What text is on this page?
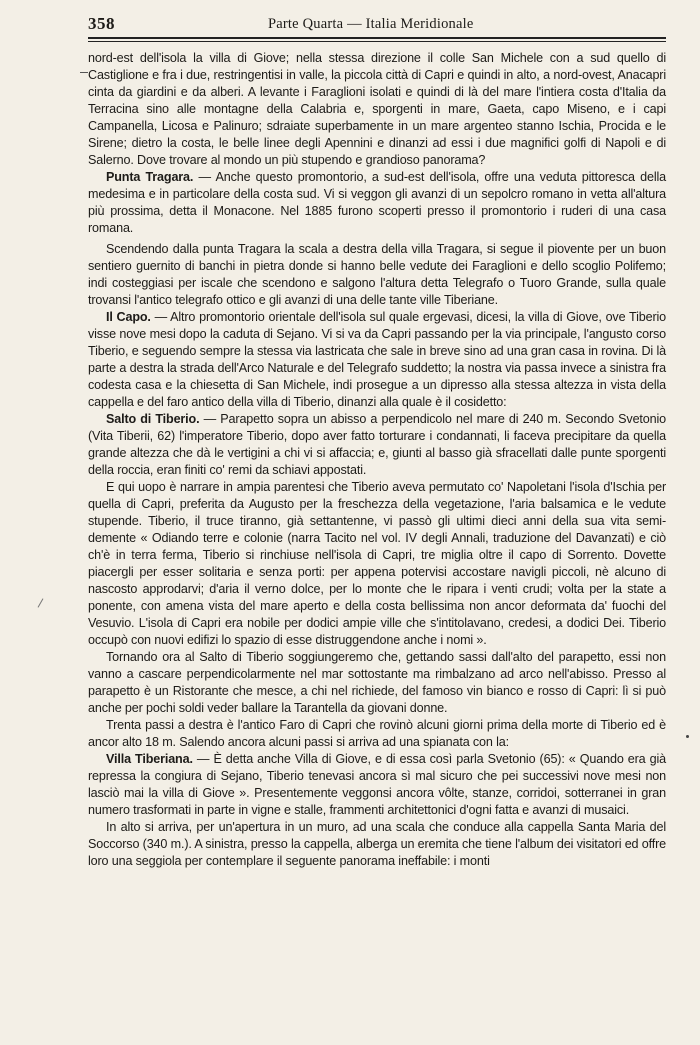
358	Parte Quarta — Italia Meridionale

nord-est dell'isola la villa di Giove; nella stessa direzione il colle San Michele con a sud quello di Castiglione e fra i due, restringentisi in valle, la piccola città di Capri e quindi in alto, a nord-ovest, Anacapri cinta da giardini e da alberi. A levante i Faraglioni isolati e quindi di là del mare l'intiera costa d'Italia da Terracina sino alle montagne della Calabria e, sporgenti in mare, Gaeta, capo Miseno, e i capi Campanella, Licosa e Palinuro; sdraiate superbamente in un mare argenteo stanno Ischia, Procida e le Sirene; dietro la costa, le belle linee degli Apennini e dinanzi ad essi i due magnifici golfi di Napoli e di Salerno. Dove trovare al mondo un più stupendo e grandioso panorama?

Punta Tragara. — Anche questo promontorio, a sud-est dell'isola, offre una veduta pittoresca della medesima e in particolare della costa sud. Vi si veggon gli avanzi di un sepolcro romano in vetta all'altura più prossima, detta il Monacone. Nel 1885 furono scoperti presso il promontorio i ruderi di una casa romana.

Scendendo dalla punta Tragara la scala a destra della villa Tragara, si segue il piovente per un buon sentiero guernito di banchi in pietra donde si hanno belle vedute dei Faraglioni e dello scoglio Polifemo; indi costeggiasi per iscale che scendono e salgono l'altura detta Telegrafo o Tuoro Grande, sulla quale trovansi l'antico telegrafo ottico e gli avanzi di una delle tante ville Tiberiane.

Il Capo. — Altro promontorio orientale dell'isola sul quale ergevasi, dicesi, la villa di Giove, ove Tiberio visse nove mesi dopo la caduta di Sejano. Vi si va da Capri passando per la via principale, l'angusto corso Tiberio, e seguendo sempre la stessa via lastricata che sale in breve sino ad una gran casa in rovina. Di là parte a destra la strada dell'Arco Naturale e del Telegrafo suddetto; la nostra via passa invece a sinistra fra codesta casa e la chiesetta di San Michele, indi prosegue a un dipresso alla stessa altezza in vista della cappella e del faro antico della villa di Tiberio, dinanzi alla quale è il cosidetto:

Salto di Tiberio. — Parapetto sopra un abisso a perpendicolo nel mare di 240 m. Secondo Svetonio (Vita Tiberii, 62) l'imperatore Tiberio, dopo aver fatto torturare i condannati, li faceva precipitare da quella grande altezza che dà le vertigini a chi vi si affaccia; e, giunti al basso già sfracellati dalle punte sporgenti della roccia, eran finiti co' remi da schiavi appostati.

E qui uopo è narrare in ampia parentesi che Tiberio aveva permutato co' Napoletani l'isola d'Ischia per quella di Capri, preferita da Augusto per la freschezza della vegetazione, l'aria balsamica e le vedute stupende. Tiberio, il truce tiranno, già settantenne, vi passò gli ultimi dieci anni della sua vita semi-demente « Odiando terre e colonie (narra Tacito nel vol. IV degli Annali, traduzione del Davanzati) e ciò ch'è in terra ferma, Tiberio si rinchiuse nell'isola di Capri, tre miglia oltre il capo di Sorrento. Dovette piacergli per esser solitaria e senza porti: per appena potervisi accostare navigli piccoli, nè alcuno di nascosto approdarvi; d'aria il verno dolce, per lo monte che le ripara i venti crudi; volta per la state a ponente, con amena vista del mare aperto e della costa bellissima non ancor deformata da' fuochi del Vesuvio. L'isola di Capri era nobile per dodici ampie ville che s'intitolavano, credesi, a dodici Dei. Tiberio occupò con nuovi edifizi lo spazio di esse distruggendone anche i nomi ».

Tornando ora al Salto di Tiberio soggiungeremo che, gettando sassi dall'alto del parapetto, essi non vanno a cascare perpendicolarmente nel mar sottostante ma rimbalzano ad arco nell'abisso. Presso al parapetto è un Ristorante che mesce, a chi nel richiede, del famoso vin bianco e rosso di Capri: lì si può anche per pochi soldi veder ballare la Tarantella da giovani donne.

Trenta passi a destra è l'antico Faro di Capri che rovinò alcuni giorni prima della morte di Tiberio ed è ancor alto 18 m. Salendo ancora alcuni passi si arriva ad una spianata con la:

Villa Tiberiana. — È detta anche Villa di Giove, e di essa così parla Svetonio (65): « Quando era già repressa la congiura di Sejano, Tiberio tenevasi ancora sì mal sicuro che pei successivi nove mesi non lasciò mai la villa di Giove ». Presentemente veggonsi ancora vôlte, stanze, corridoi, sotterranei in gran numero trasformati in parte in vigne e stalle, frammenti architettonici d'ogni fatta e avanzi di musaici.

In alto si arriva, per un'apertura in un muro, ad una scala che conduce alla cappella Santa Maria del Soccorso (340 m.). A sinistra, presso la cappella, alberga un eremita che tiene l'album dei visitatori ed offre loro una seggiola per contemplare il seguente panorama ineffabile: i monti
